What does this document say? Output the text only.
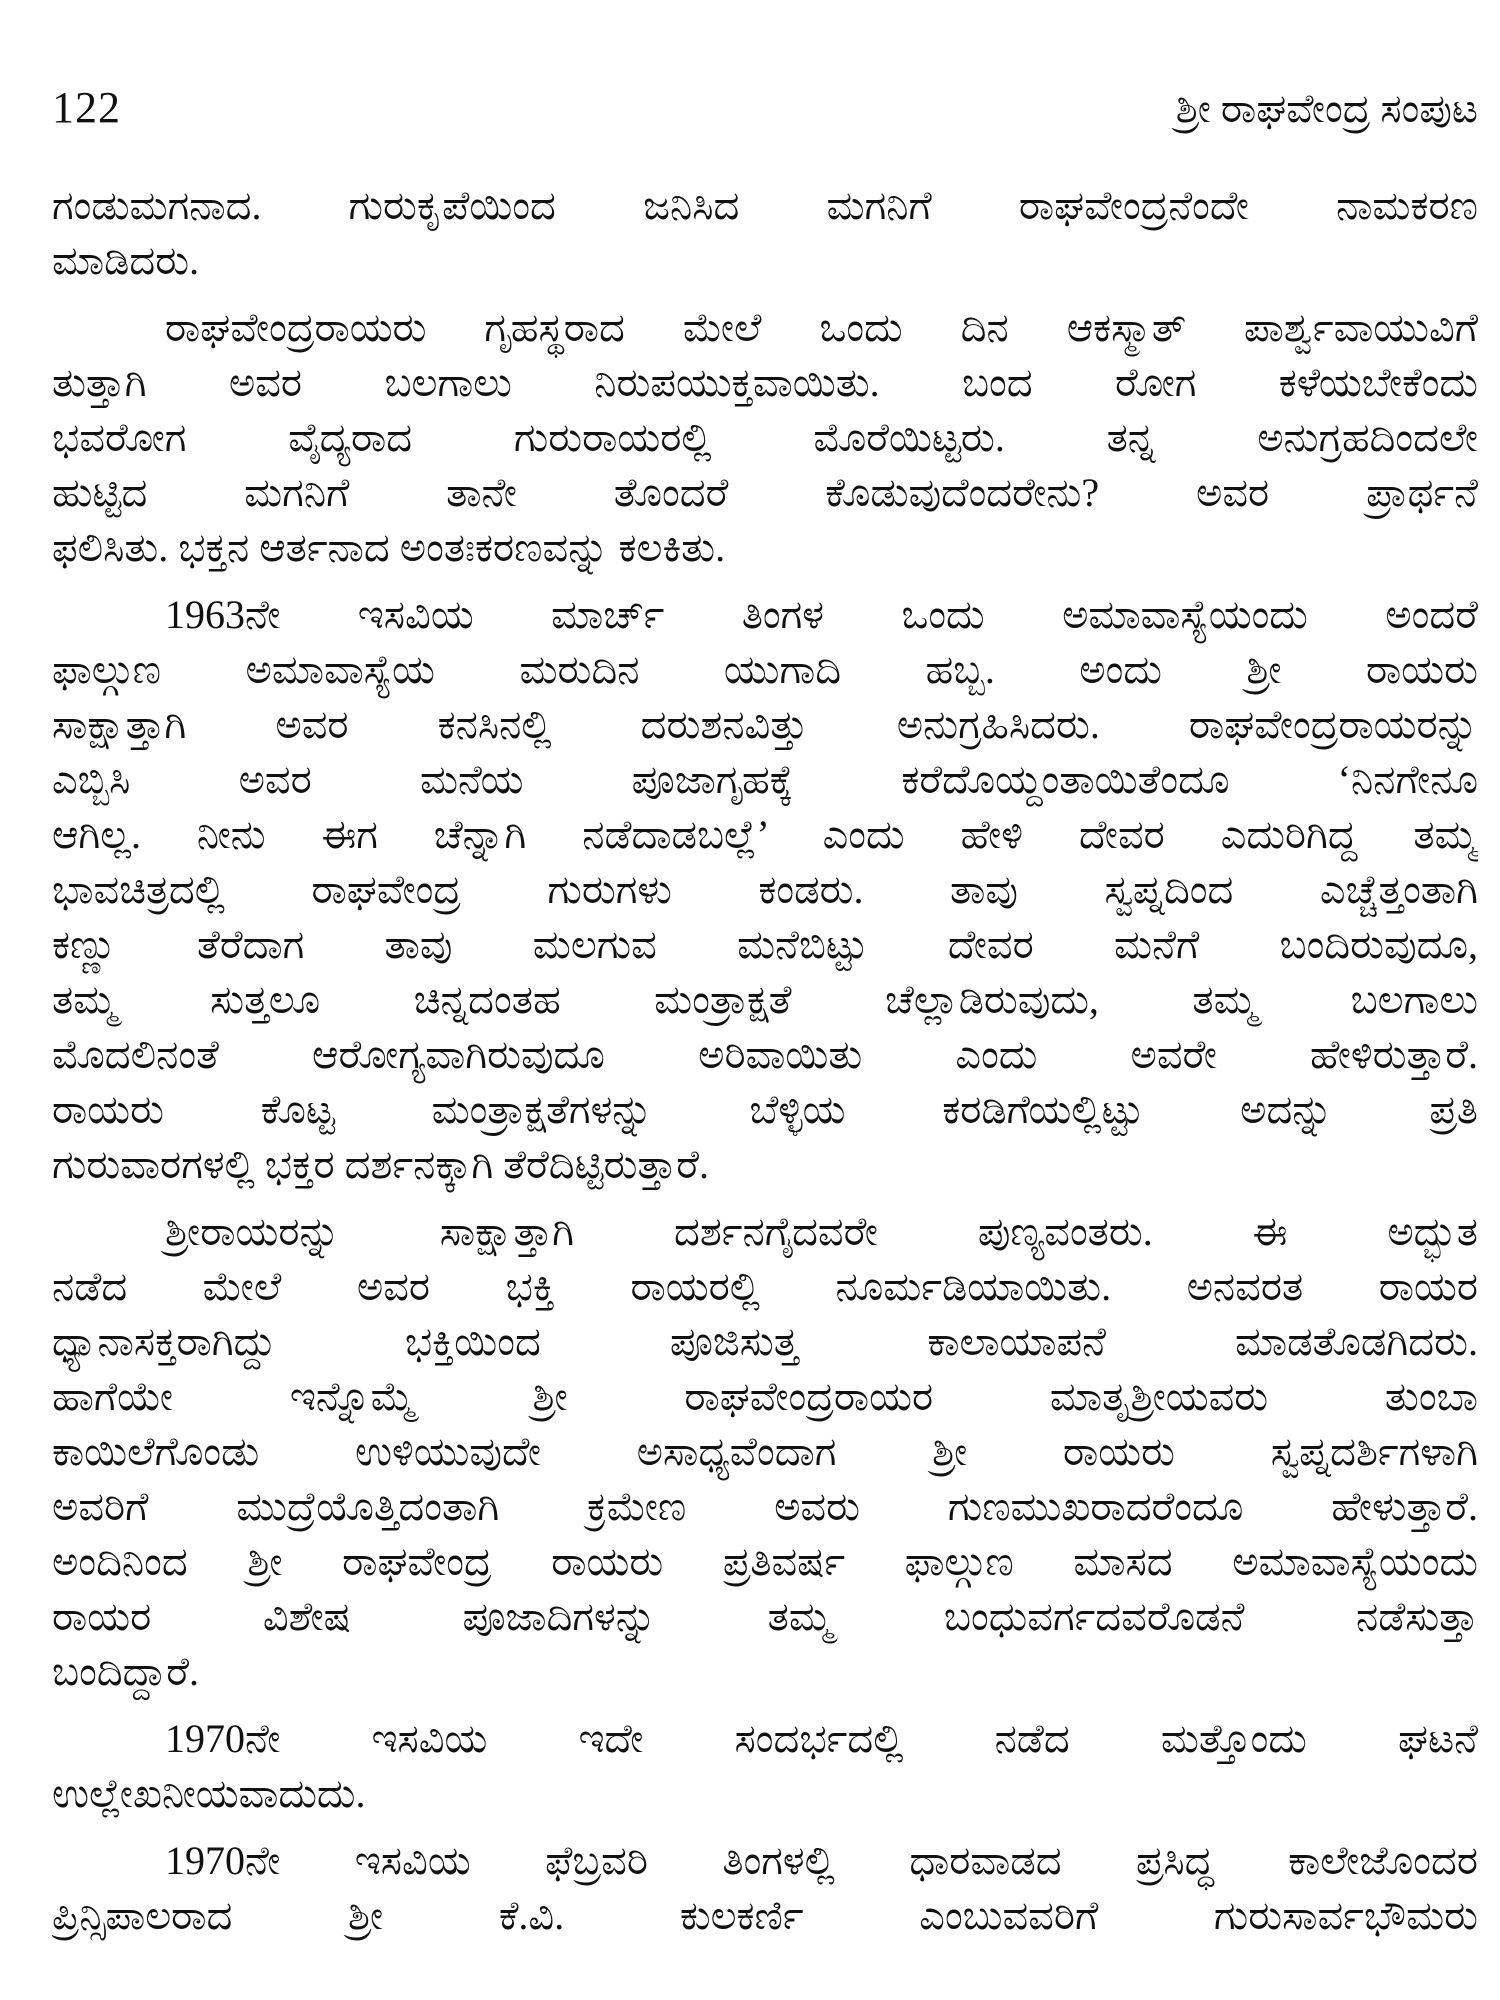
122	ಶ್ರೀ ರಾಘವೇಂದ್ರ ಸಂಪುಟ
ಗಂಡುಮಗನಾದ. ಗುರುಕೃಪೆಯಿಂದ ಜನಿಸಿದ ಮಗನಿಗೆ ರಾಘವೇಂದ್ರನೆಂದೇ ನಾಮಕರಣ
ಮಾಡಿದರು.
ರಾಘವೇಂದ್ರರಾಯರು ಗೃಹಸ್ಥರಾದ ಮೇಲೆ ಒಂದು ದಿನ ಆಕಸ್ಮಾತ್ ಪಾರ್ಶ್ವವಾಯುವಿಗೆ
ತುತ್ತಾಗಿ ಅವರ ಬಲಗಾಲು ನಿರುಪಯುಕ್ತವಾಯಿತು. ಬಂದ ರೋಗ ಕಳೆಯಬೇಕೆಂದು
ಭವರೋಗ ವೈದ್ಯರಾದ ಗುರುರಾಯರಲ್ಲಿ ಮೊರೆಯಿಟ್ಟರು. ತನ್ನ ಅನುಗ್ರಹದಿಂದಲೇ
ಹುಟ್ಟಿದ ಮಗನಿಗೆ ತಾನೇ ತೊಂದರೆ ಕೊಡುವುದೆಂದರೇನು? ಅವರ ಪ್ರಾರ್ಥನೆ
ಫಲಿಸಿತು. ಭಕ್ತನ ಆರ್ತನಾದ ಅಂತಃಕರಣವನ್ನು ಕಲಕಿತು.
1963ನೇ ಇಸವಿಯ ಮಾರ್ಚ್ ತಿಂಗಳ ಒಂದು ಅಮಾವಾಸ್ಯೆಯಂದು ಅಂದರೆ
ಫಾಲ್ಗುಣ ಅಮಾವಾಸ್ಯೆಯ ಮರುದಿನ ಯುಗಾದಿ ಹಬ್ಬ. ಅಂದು ಶ್ರೀ ರಾಯರು
ಸಾಕ್ಷಾತ್ತಾಗಿ ಅವರ ಕನಸಿನಲ್ಲಿ ದರುಶನವಿತ್ತು ಅನುಗ್ರಹಿಸಿದರು. ರಾಘವೇಂದ್ರರಾಯರನ್ನು
ಎಬ್ಬಿಸಿ ಅವರ ಮನೆಯ ಪೂಜಾಗೃಹಕ್ಕೆ ಕರೆದೊಯ್ದಂತಾಯಿತೆಂದೂ ‘ನಿನಗೇನೂ
ಆಗಿಲ್ಲ. ನೀನು ಈಗ ಚೆನ್ನಾಗಿ ನಡೆದಾಡಬಲ್ಲೆ’ ಎಂದು ಹೇಳಿ ದೇವರ ಎದುರಿಗಿದ್ದ ತಮ್ಮ
ಭಾವಚಿತ್ರದಲ್ಲಿ ರಾಘವೇಂದ್ರ ಗುರುಗಳು ಕಂಡರು. ತಾವು ಸ್ವಪ್ನದಿಂದ ಎಚ್ಚೆತ್ತಂತಾಗಿ
ಕಣ್ಣು ತೆರೆದಾಗ ತಾವು ಮಲಗುವ ಮನೆಬಿಟ್ಟು ದೇವರ ಮನೆಗೆ ಬಂದಿರುವುದೂ,
ತಮ್ಮ ಸುತ್ತಲೂ ಚಿನ್ನದಂತಹ ಮಂತ್ರಾಕ್ಷತೆ ಚೆಲ್ಲಾಡಿರುವುದು, ತಮ್ಮ ಬಲಗಾಲು
ಮೊದಲಿನಂತೆ ಆರೋಗ್ಯವಾಗಿರುವುದೂ ಅರಿವಾಯಿತು ಎಂದು ಅವರೇ ಹೇಳಿರುತ್ತಾರೆ.
ರಾಯರು ಕೊಟ್ಟ ಮಂತ್ರಾಕ್ಷತೆಗಳನ್ನು ಬೆಳ್ಳಿಯ ಕರಡಿಗೆಯಲ್ಲಿಟ್ಟು ಅದನ್ನು ಪ್ರತಿ
ಗುರುವಾರಗಳಲ್ಲಿ ಭಕ್ತರ ದರ್ಶನಕ್ಕಾಗಿ ತೆರೆದಿಟ್ಟಿರುತ್ತಾರೆ.
ಶ್ರೀರಾಯರನ್ನು ಸಾಕ್ಷಾತ್ತಾಗಿ ದರ್ಶನಗೈದವರೇ ಪುಣ್ಯವಂತರು. ಈ ಅದ್ಭುತ
ನಡೆದ ಮೇಲೆ ಅವರ ಭಕ್ತಿ ರಾಯರಲ್ಲಿ ನೂರ್ಮಡಿಯಾಯಿತು. ಅನವರತ ರಾಯರ
ಧ್ಯಾನಾಸಕ್ತರಾಗಿದ್ದು ಭಕ್ತಿಯಿಂದ ಪೂಜಿಸುತ್ತ ಕಾಲಾಯಾಪನೆ ಮಾಡತೊಡಗಿದರು.
ಹಾಗೆಯೇ ಇನ್ನೊಮ್ಮೆ ಶ್ರೀ ರಾಘವೇಂದ್ರರಾಯರ ಮಾತೃಶ್ರೀಯವರು ತುಂಬಾ
ಕಾಯಿಲೆಗೊಂಡು ಉಳಿಯುವುದೇ ಅಸಾಧ್ಯವೆಂದಾಗ ಶ್ರೀ ರಾಯರು ಸ್ವಪ್ನದರ್ಶಿಗಳಾಗಿ
ಅವರಿಗೆ ಮುದ್ರೆಯೊತ್ತಿದಂತಾಗಿ ಕ್ರಮೇಣ ಅವರು ಗುಣಮುಖರಾದರೆಂದೂ ಹೇಳುತ್ತಾರೆ.
ಅಂದಿನಿಂದ ಶ್ರೀ ರಾಘವೇಂದ್ರ ರಾಯರು ಪ್ರತಿವರ್ಷ ಫಾಲ್ಗುಣ ಮಾಸದ ಅಮಾವಾಸ್ಯೆಯಂದು
ರಾಯರ ವಿಶೇಷ ಪೂಜಾದಿಗಳನ್ನು ತಮ್ಮ ಬಂಧುವರ್ಗದವರೊಡನೆ ನಡೆಸುತ್ತಾ
ಬಂದಿದ್ದಾರೆ.
1970ನೇ ಇಸವಿಯ ಇದೇ ಸಂದರ್ಭದಲ್ಲಿ ನಡೆದ ಮತ್ತೊಂದು ಘಟನೆ
ಉಲ್ಲೇಖನೀಯವಾದುದು.
1970ನೇ ಇಸವಿಯ ಫೆಬ್ರವರಿ ತಿಂಗಳಲ್ಲಿ ಧಾರವಾಡದ ಪ್ರಸಿದ್ಧ ಕಾಲೇಜೊಂದರ
ಪ್ರಿನ್ಸಿಪಾಲರಾದ ಶ್ರೀ ಕೆ.ವಿ. ಕುಲಕರ್ಣಿ ಎಂಬುವವರಿಗೆ ಗುರುಸಾರ್ವಭೌಮರು
